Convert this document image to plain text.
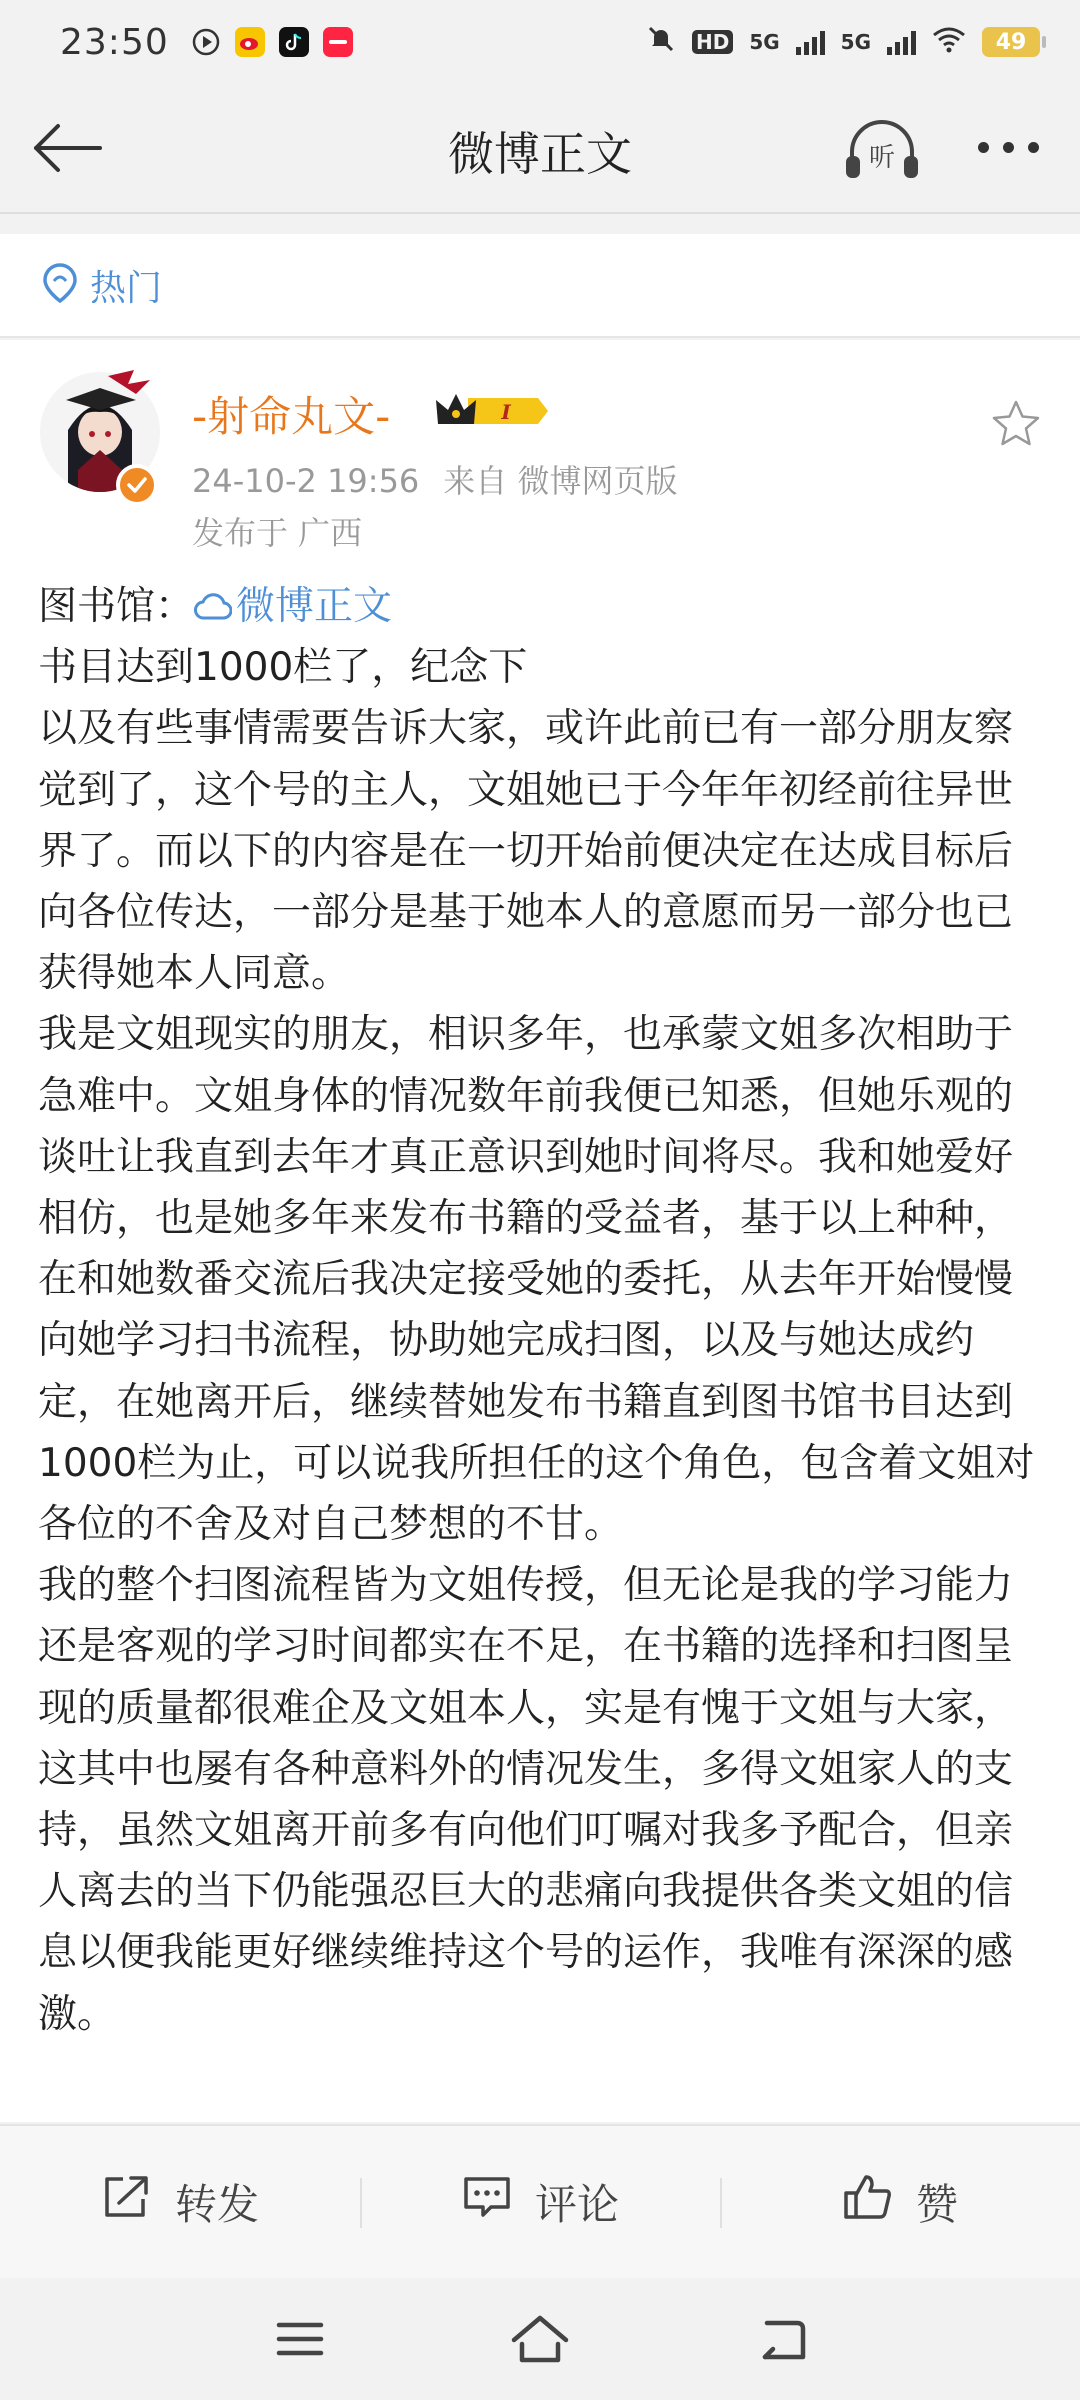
23:50	HD 5G	5G	49
微博正文	听
热门
-射命丸文-	I
24-10-2 19:56 来自 微博网页版
发布于 广西

图书馆： 微博正文

书目达到1000栏了，纪念下

以及有些事情需要告诉大家，或许此前已有一部分朋友察觉到了，这个号的主人，文姐她已于今年年初经前往异世界了。而以下的内容是在一切开始前便决定在达成目标后向各位传达，一部分是基于她本人的意愿而另一部分也已获得她本人同意。

我是文姐现实的朋友，相识多年，也承蒙文姐多次相助于急难中。文姐身体的情况数年前我便已知悉，但她乐观的谈吐让我直到去年才真正意识到她时间将尽。我和她爱好相仿，也是她多年来发布书籍的受益者，基于以上种种，在和她数番交流后我决定接受她的委托，从去年开始慢慢向她学习扫书流程，协助她完成扫图，以及与她达成约定，在她离开后，继续替她发布书籍直到图书馆书目达到1000栏为止，可以说我所担任的这个角色，包含着文姐对各位的不舍及对自己梦想的不甘。

我的整个扫图流程皆为文姐传授，但无论是我的学习能力还是客观的学习时间都实在不足，在书籍的选择和扫图呈现的质量都很难企及文姐本人，实是有愧于文姐与大家，这其中也屡有各种意料外的情况发生，多得文姐家人的支持，虽然文姐离开前多有向他们叮嘱对我多予配合，但亲人离去的当下仍能强忍巨大的悲痛向我提供各类文姐的信息以便我能更好继续维持这个号的运作，我唯有深深的感激。

转发	评论	赞
